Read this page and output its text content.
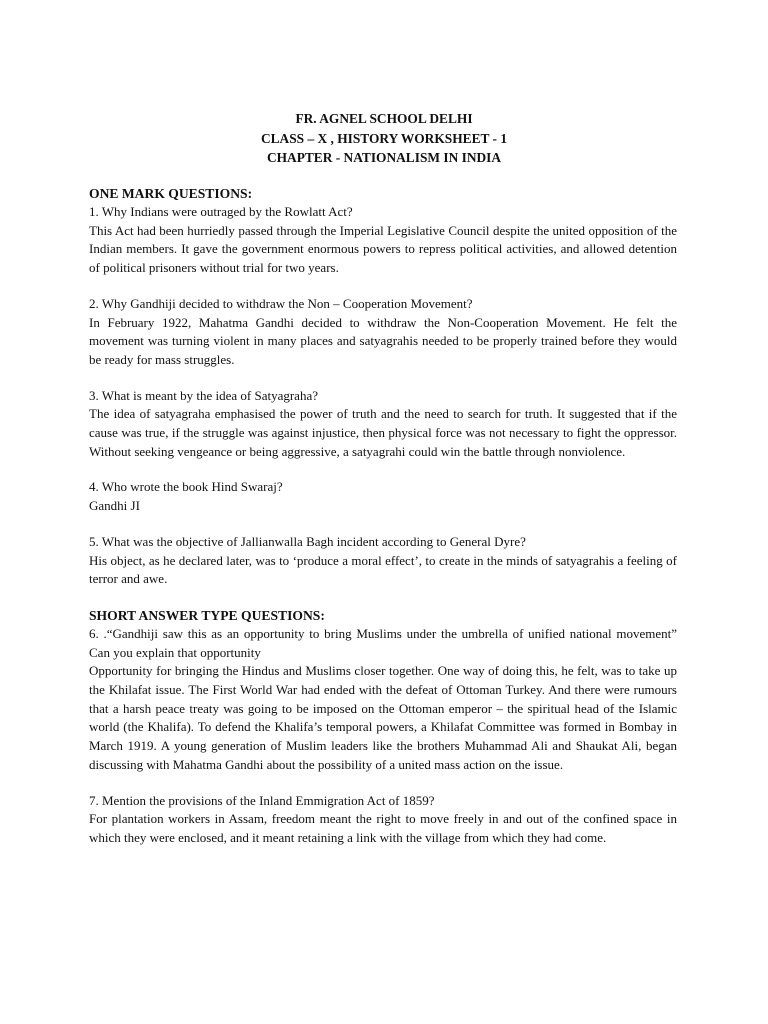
FR. AGNEL SCHOOL DELHI
CLASS – X , HISTORY WORKSHEET - 1
CHAPTER - NATIONALISM IN INDIA

ONE MARK QUESTIONS:

1. Why Indians were outraged by the Rowlatt Act?

This Act had been hurriedly passed through the Imperial Legislative Council despite the united opposition of the Indian members. It gave the government enormous powers to repress political activities, and allowed detention of political prisoners without trial for two years.

2. Why Gandhiji decided to withdraw the Non – Cooperation Movement?

In February 1922, Mahatma Gandhi decided to withdraw the Non-Cooperation Movement. He felt the movement was turning violent in many places and satyagrahis needed to be properly trained before they would be ready for mass struggles.

3. What is meant by the idea of Satyagraha?

The idea of satyagraha emphasised the power of truth and the need to search for truth. It suggested that if the cause was true, if the struggle was against injustice, then physical force was not necessary to fight the oppressor. Without seeking vengeance or being aggressive, a satyagrahi could win the battle through nonviolence.

4. Who wrote the book Hind Swaraj?

Gandhi JI

5. What was the objective of Jallianwalla Bagh incident according to General Dyre?

His object, as he declared later, was to ‘produce a moral effect’, to create in the minds of satyagrahis a feeling of terror and awe.

SHORT ANSWER TYPE QUESTIONS:

6. .“Gandhiji saw this as an opportunity to bring Muslims under the umbrella of unified national movement” Can you explain that opportunity

Opportunity for bringing the Hindus and Muslims closer together. One way of doing this, he felt, was to take up the Khilafat issue. The First World War had ended with the defeat of Ottoman Turkey. And there were rumours that a harsh peace treaty was going to be imposed on the Ottoman emperor – the spiritual head of the Islamic world (the Khalifa). To defend the Khalifa’s temporal powers, a Khilafat Committee was formed in Bombay in March 1919. A young generation of Muslim leaders like the brothers Muhammad Ali and Shaukat Ali, began discussing with Mahatma Gandhi about the possibility of a united mass action on the issue.

7. Mention the provisions of the Inland Emmigration Act of 1859?

For plantation workers in Assam, freedom meant the right to move freely in and out of the confined space in which they were enclosed, and it meant retaining a link with the village from which they had come.
